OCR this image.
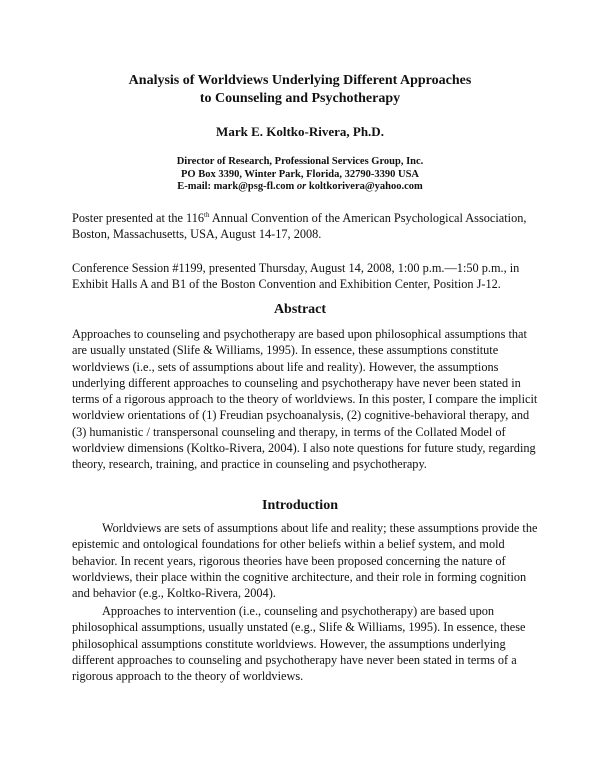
Analysis of Worldviews Underlying Different Approaches
to Counseling and Psychotherapy
Mark E. Koltko-Rivera, Ph.D.
Director of Research, Professional Services Group, Inc.
PO Box 3390, Winter Park, Florida, 32790-3390 USA
E-mail: mark@psg-fl.com or koltkorivera@yahoo.com
Poster presented at the 116th Annual Convention of the American Psychological Association, Boston, Massachusetts, USA, August 14-17, 2008.
Conference Session #1199, presented Thursday, August 14, 2008, 1:00 p.m.—1:50 p.m., in Exhibit Halls A and B1 of the Boston Convention and Exhibition Center, Position J-12.
Abstract
Approaches to counseling and psychotherapy are based upon philosophical assumptions that are usually unstated (Slife & Williams, 1995). In essence, these assumptions constitute worldviews (i.e., sets of assumptions about life and reality). However, the assumptions underlying different approaches to counseling and psychotherapy have never been stated in terms of a rigorous approach to the theory of worldviews. In this poster, I compare the implicit worldview orientations of (1) Freudian psychoanalysis, (2) cognitive-behavioral therapy, and (3) humanistic / transpersonal counseling and therapy, in terms of the Collated Model of worldview dimensions (Koltko-Rivera, 2004). I also note questions for future study, regarding theory, research, training, and practice in counseling and psychotherapy.
Introduction
Worldviews are sets of assumptions about life and reality; these assumptions provide the epistemic and ontological foundations for other beliefs within a belief system, and mold behavior. In recent years, rigorous theories have been proposed concerning the nature of worldviews, their place within the cognitive architecture, and their role in forming cognition and behavior (e.g., Koltko-Rivera, 2004).
Approaches to intervention (i.e., counseling and psychotherapy) are based upon philosophical assumptions, usually unstated (e.g., Slife & Williams, 1995). In essence, these philosophical assumptions constitute worldviews. However, the assumptions underlying different approaches to counseling and psychotherapy have never been stated in terms of a rigorous approach to the theory of worldviews.
